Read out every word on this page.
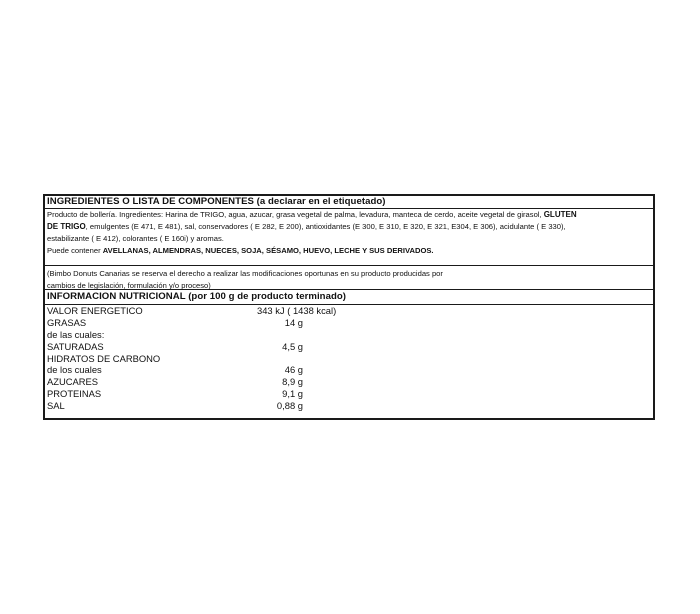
INGREDIENTES O LISTA DE COMPONENTES (a declarar en el etiquetado)
Producto de bollería. Ingredientes: Harina de TRIGO, agua, azucar, grasa vegetal de palma, levadura, manteca de cerdo, aceite vegetal de girasol, GLUTEN
DE TRIGO, emulgentes (E 471, E 481), sal, conservadores ( E 282, E 200), antioxidantes (E 300, E 310, E 320, E 321, E304, E 306), acidulante ( E 330),
estabilizante ( E 412), colorantes ( E 160i) y aromas.
Puede contener AVELLANAS, ALMENDRAS, NUECES, SOJA, SÉSAMO, HUEVO, LECHE Y SUS DERIVADOS.
(Bimbo Donuts Canarias se reserva el derecho a realizar las modificaciones oportunas en su producto producidas por
cambios de legislación, formulación y/o proceso)
INFORMACION NUTRICIONAL (por 100 g de producto terminado)
VALOR ENERGETICO	343 kJ ( 1438 kcal)
GRASAS	14 g
de las cuales:
SATURADAS	4,5 g
HIDRATOS DE CARBONO
de los cuales	46 g
AZUCARES	8,9 g
PROTEINAS	9,1 g
SAL	0,88 g
